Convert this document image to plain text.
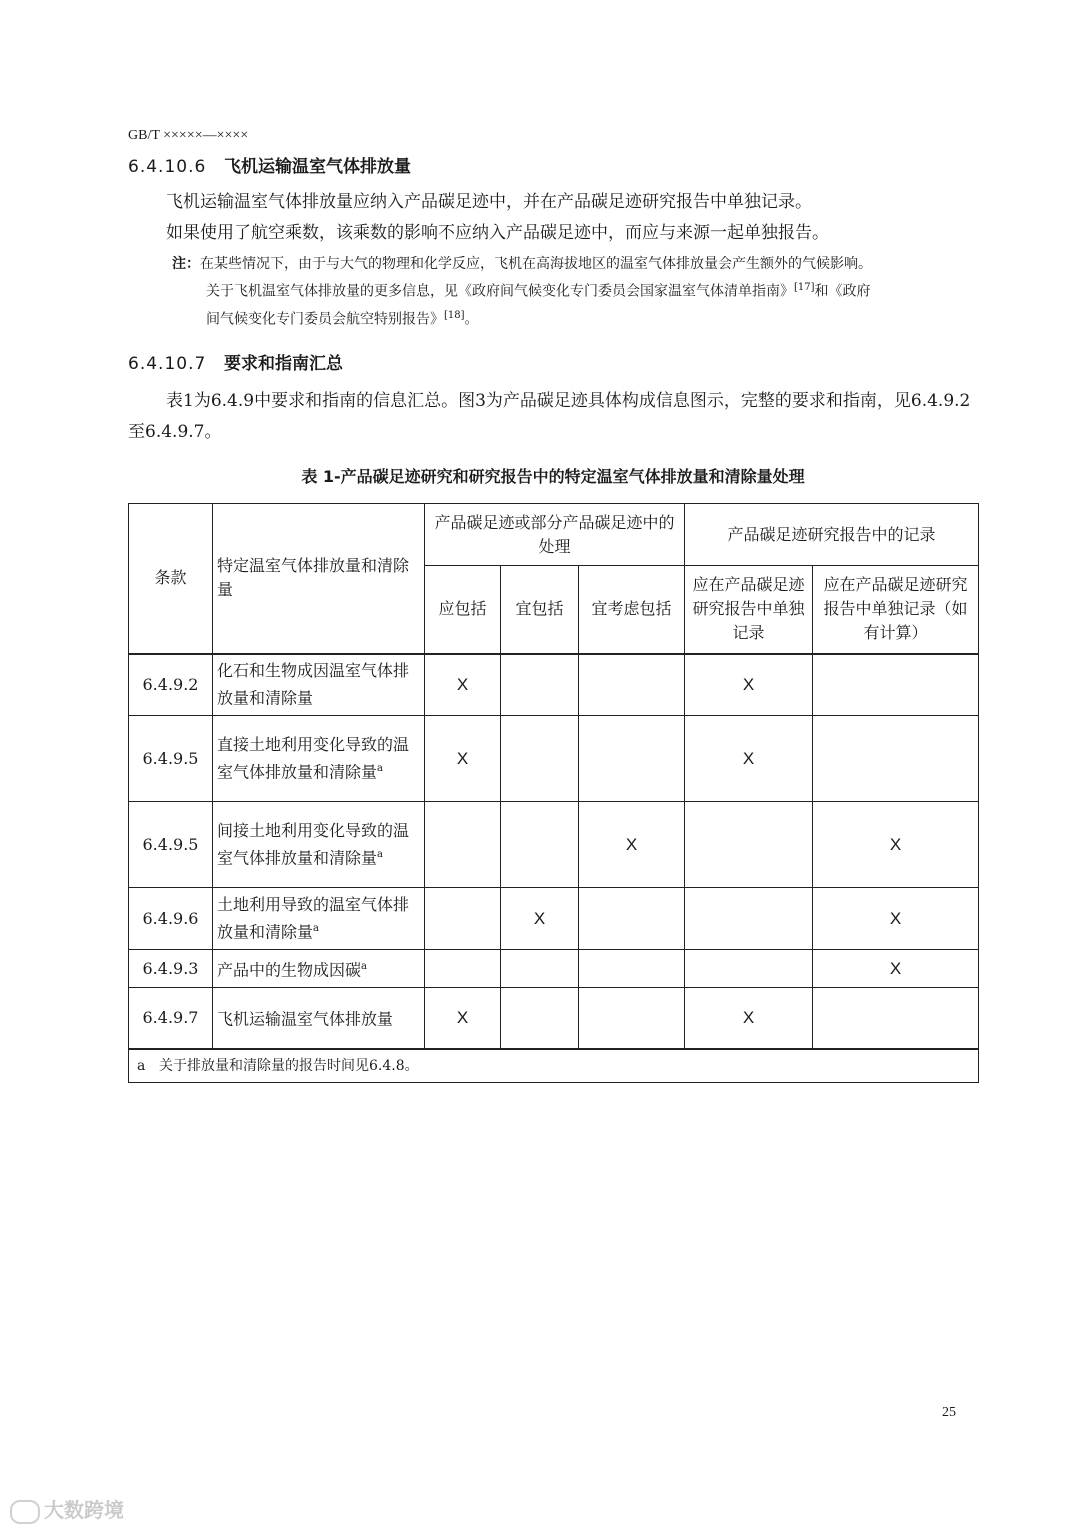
GB/T ×××××—××××
6.4.10.6 飞机运输温室气体排放量
飞机运输温室气体排放量应纳入产品碳足迹中，并在产品碳足迹研究报告中单独记录。
如果使用了航空乘数，该乘数的影响不应纳入产品碳足迹中，而应与来源一起单独报告。
注：在某些情况下，由于与大气的物理和化学反应，飞机在高海拔地区的温室气体排放量会产生额外的气候影响。
关于飞机温室气体排放量的更多信息，见《政府间气候变化专门委员会国家温室气体清单指南》[17]和《政府
间气候变化专门委员会航空特别报告》[18]。
6.4.10.7 要求和指南汇总
表1为6.4.9中要求和指南的信息汇总。图3为产品碳足迹具体构成信息图示，完整的要求和指南，见6.4.9.2至6.4.9.7。
表 1-产品碳足迹研究和研究报告中的特定温室气体排放量和清除量处理
条款	特定温室气体排放量和清除量	产品碳足迹或部分产品碳足迹中的处理			产品碳足迹研究报告中的记录	
		应包括	宜包括	宜考虑包括	应在产品碳足迹研究报告中单独记录	应在产品碳足迹研究报告中单独记录（如有计算）
6.4.9.2	化石和生物成因温室气体排放量和清除量	X			X	
6.4.9.5	直接土地利用变化导致的温室气体排放量和清除量$^a$	X			X	
6.4.9.5	间接土地利用变化导致的温室气体排放量和清除量$^a$			X		X
6.4.9.6	土地利用导致的温室气体排放量和清除量$^a$		X			X
6.4.9.3	产品中的生物成因碳$^a$					X
6.4.9.7	飞机运输温室气体排放量	X			X	
a 关于排放量和清除量的报告时间见6.4.8。						
25
大数跨境
